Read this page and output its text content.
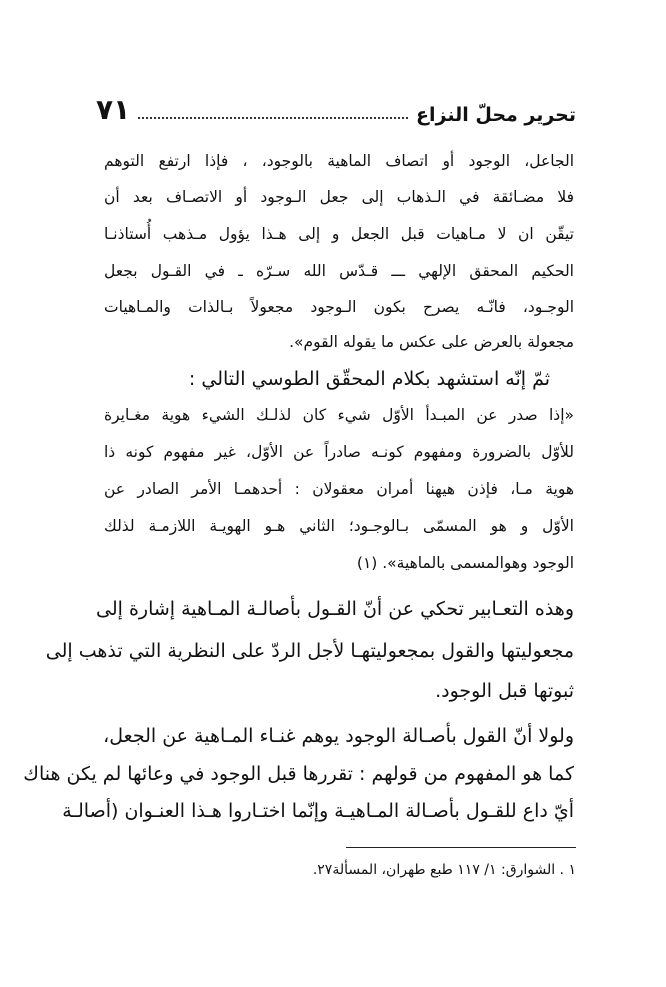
تحرير محلّ النزاع
٧١
الجاعل، الوجود أو اتصاف الماهية بالوجود، ، فإذا ارتفع التوهم
فلا مضـائقة في الـذهاب إلى جعل الـوجود أو الاتصـاف بعد أن
تيقّن ان لا مـاهيات قبل الجعل و إلى هـذا يؤول مـذهب أُستاذنـا
الحكيم المحقق الإلهي ـــ قـدّس الله سـرّه ـ في القـول بجعل
الوجـود، فانّـه يصرح بكون الـوجود مجعولاً بـالذات والمـاهيات
مجعولة بالعرض على عكس ما يقوله القوم».
ثمّ إنّه استشهد بكلام المحقّق الطوسي التالي :
«إذا صدر عن المبـدأ الأوّل شيء كان لذلـك الشيء هوية مغـايرة
للأوّل بالضرورة ومفهوم كونـه صادراً عن الأوّل، غير مفهوم كونه ذا
هوية مـا، فإذن هيهنا أمران معقولان : أحدهمـا الأمر الصادر عن
الأوّل و هو المسمّى بـالوجـود؛ الثاني هـو الهويـة اللازمـة لذلك
الوجود وهوالمسمى بالماهية». (١)
وهذه التعـابير تحكي عن أنّ القـول بأصالـة المـاهية إشارة إلى
مجعوليتها والقول بمجعوليتهـا لأجل الردّ على النظرية التي تذهب إلى
ثبوتها قبل الوجود.
ولولا أنّ القول بأصـالة الوجود يوهم غنـاء المـاهية عن الجعل،
كما هو المفهوم من قولهم : تقررها قبل الوجود في وعائها لم يكن هناك
أيّ داع للقـول بأصـالة المـاهيـة وإنّما اختـاروا هـذا العنـوان (أصالـة
١ . الشوارق: ١/ ١١٧ طبع طهران، المسألة٢٧.
